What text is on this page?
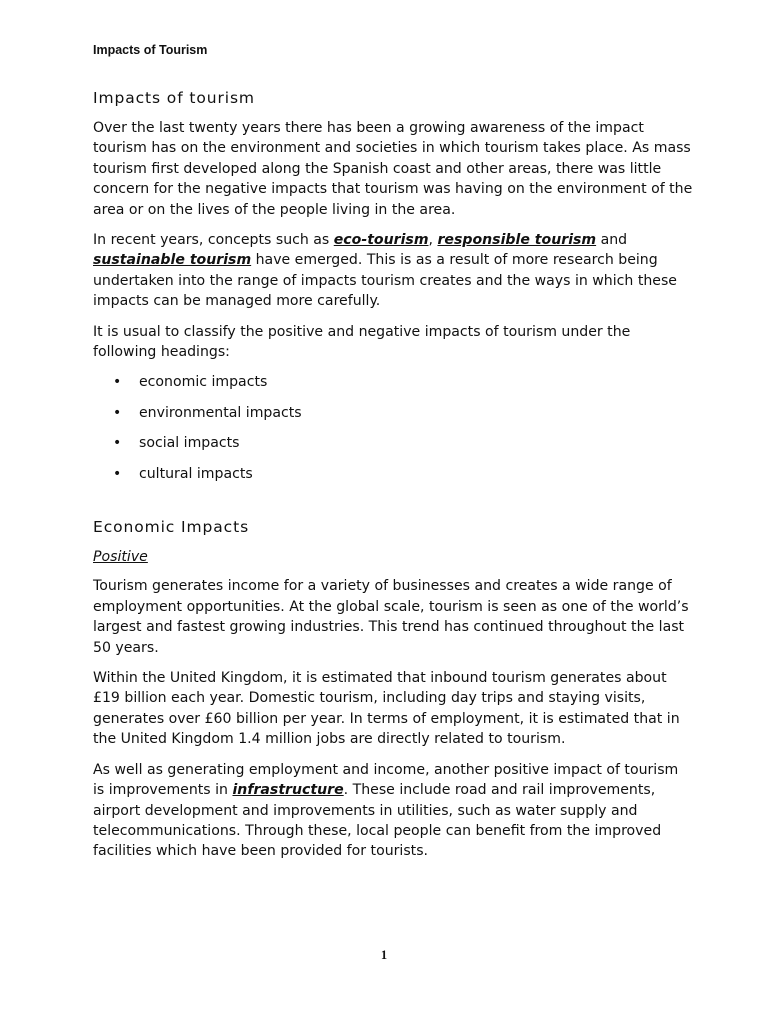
Impacts of Tourism
Impacts of tourism

Over the last twenty years there has been a growing awareness of the impact tourism has on the environment and societies in which tourism takes place. As mass tourism first developed along the Spanish coast and other areas, there was little concern for the negative impacts that tourism was having on the environment of the area or on the lives of the people living in the area.

In recent years, concepts such as eco-tourism, responsible tourism and sustainable tourism have emerged. This is as a result of more research being undertaken into the range of impacts tourism creates and the ways in which these impacts can be managed more carefully.

It is usual to classify the positive and negative impacts of tourism under the following headings:

• economic impacts
• environmental impacts
• social impacts
• cultural impacts
Economic Impacts
Positive

Tourism generates income for a variety of businesses and creates a wide range of employment opportunities. At the global scale, tourism is seen as one of the world’s largest and fastest growing industries. This trend has continued throughout the last 50 years.

Within the United Kingdom, it is estimated that inbound tourism generates about £19 billion each year. Domestic tourism, including day trips and staying visits, generates over £60 billion per year. In terms of employment, it is estimated that in the United Kingdom 1.4 million jobs are directly related to tourism.

As well as generating employment and income, another positive impact of tourism is improvements in infrastructure. These include road and rail improvements, airport development and improvements in utilities, such as water supply and telecommunications. Through these, local people can benefit from the improved facilities which have been provided for tourists.

1
